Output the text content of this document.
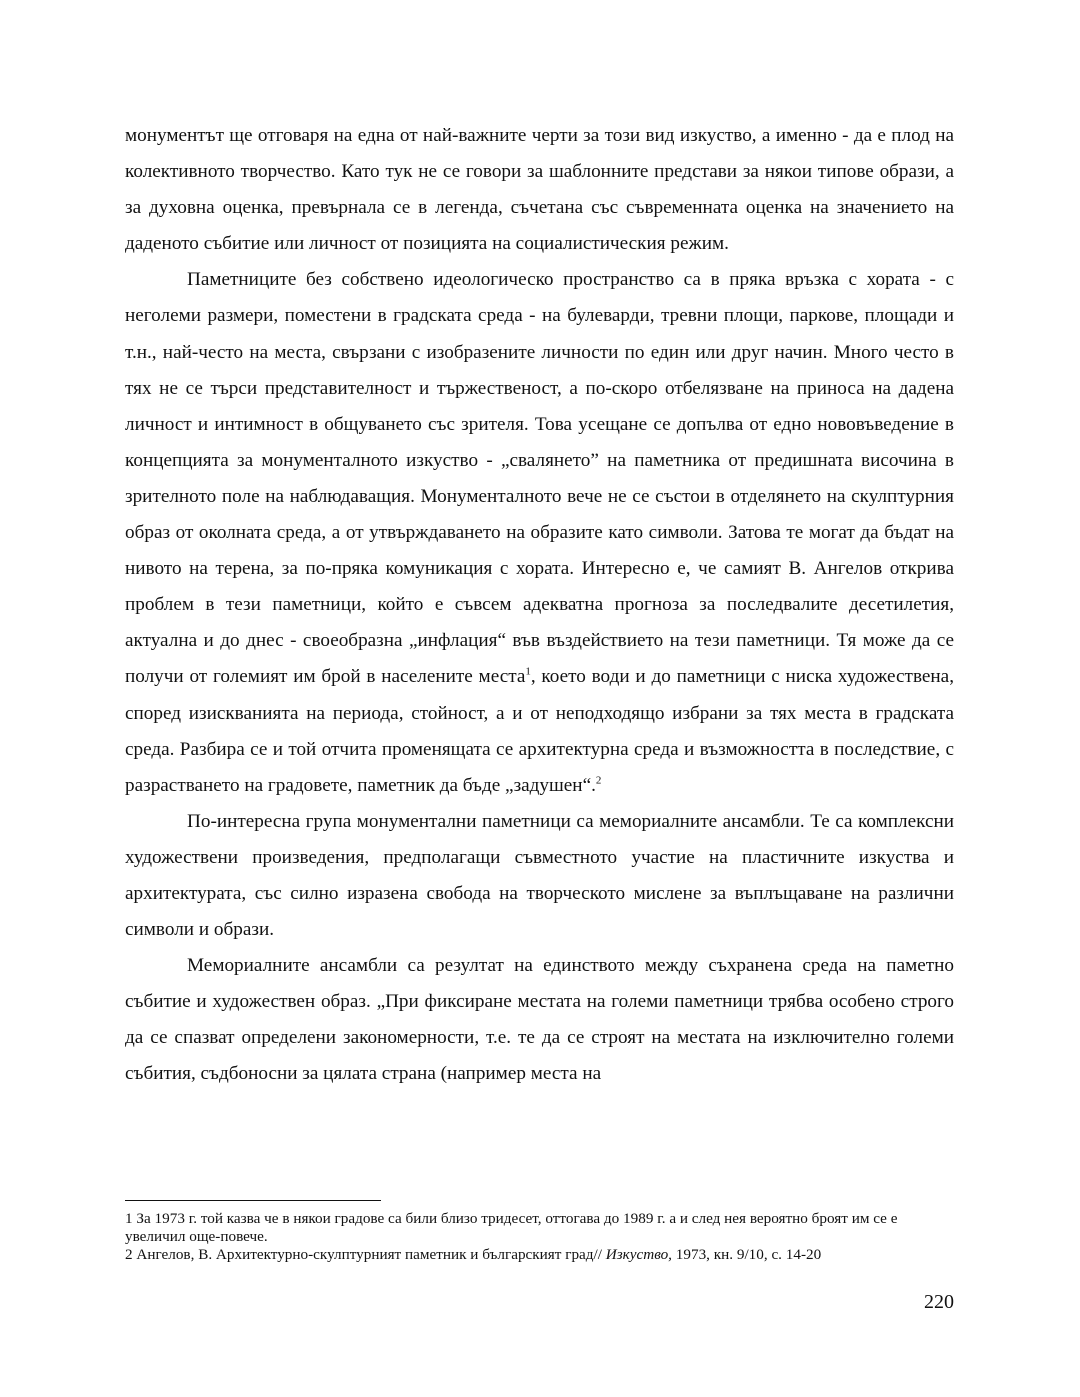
монументът ще отговаря на една от най-важните черти за този вид изкуство, а именно - да е плод на колективното творчество. Като тук не се говори за шаблонните представи за някои типове образи, а за духовна оценка, превърнала се в легенда, съчетана със съвременната оценка на значението на даденото събитие или личност от позицията на социалистическия режим.

Паметниците без собствено идеологическо пространство са в пряка връзка с хората - с неголеми размери, поместени в градската среда - на булеварди, тревни площи, паркове, площади и т.н., най-често на места, свързани с изобразените личности по един или друг начин. Много често в тях не се търси представителност и тържественост, а по-скоро отбелязване на приноса на дадена личност и интимност в общуването със зрителя. Това усещане се допълва от едно нововъведение в концепцията за монументалното изкуство - „свалянето” на паметника от предишната височина в зрителното поле на наблюдаващия. Монументалното вече не се състои в отделянето на скулптурния образ от околната среда, а от утвърждаването на образите като символи. Затова те могат да бъдат на нивото на терена, за по-пряка комуникация с хората. Интересно е, че самият В. Ангелов открива проблем в тези паметници, който е съвсем адекватна прогноза за последвалите десетилетия, актуална и до днес - своеобразна „инфлация“ във въздействието на тези паметници. Тя може да се получи от големият им брой в населените места$^1$, което води и до паметници с ниска художествена, според изискванията на периода, стойност, а и от неподходящо избрани за тях места в градската среда. Разбира се и той отчита променящата се архитектурна среда и възможността в последствие, с разрастването на градовете, паметник да бъде „задушен“.$^2$

По-интересна група монументални паметници са мемориалните ансамбли. Те са комплексни художествени произведения, предполагащи съвместното участие на пластичните изкуства и архитектурата, със силно изразена свобода на творческото мислене за въплъщаване на различни символи и образи.

Мемориалните ансамбли са резултат на единството между съхранена среда на паметно събитие и художествен образ. „При фиксиране местата на големи паметници трябва особено строго да се спазват определени закономерности, т.е. те да се строят на местата на изключително големи събития, съдбоносни за цялата страна (например места на

1 За 1973 г. той казва че в някои градове са били близо тридесет, оттогава до 1989 г. а и след нея вероятно броят им се е увеличил още-повече.

2 Ангелов, В. Архитектурно-скулптурният паметник и българският град// Изкуство, 1973, кн. 9/10, с. 14-20

220
